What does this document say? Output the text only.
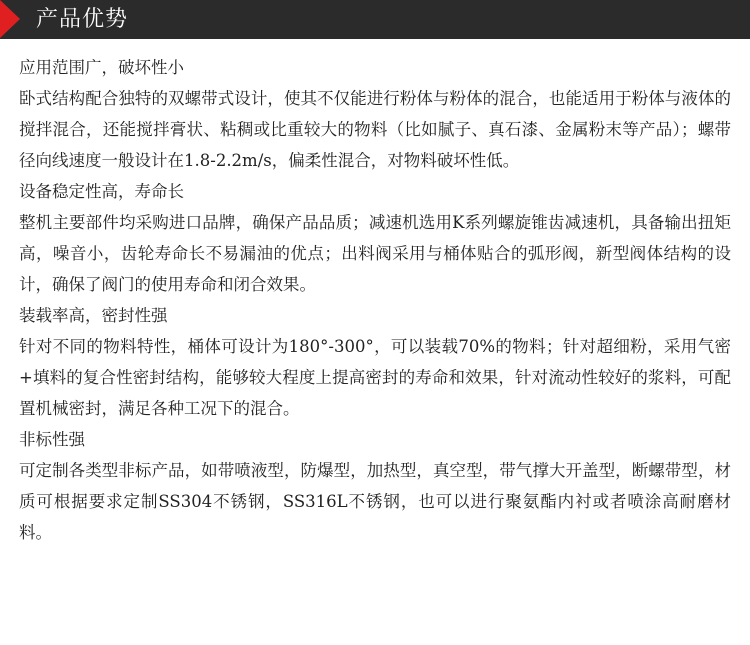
产品优势

应用范围广，破坏性小

卧式结构配合独特的双螺带式设计，使其不仅能进行粉体与粉体的混合，也能适用于粉体与液体的搅拌混合，还能搅拌膏状、粘稠或比重较大的物料（比如腻子、真石漆、金属粉末等产品）；螺带径向线速度一般设计在1.8-2.2m/s，偏柔性混合，对物料破坏性低。

设备稳定性高，寿命长

整机主要部件均采购进口品牌，确保产品品质；减速机选用K系列螺旋锥齿减速机，具备输出扭矩高，噪音小，齿轮寿命长不易漏油的优点；出料阀采用与桶体贴合的弧形阀，新型阀体结构的设计，确保了阀门的使用寿命和闭合效果。

装载率高，密封性强

针对不同的物料特性，桶体可设计为180°-300°，可以装载70%的物料；针对超细粉，采用气密+填料的复合性密封结构，能够较大程度上提高密封的寿命和效果，针对流动性较好的浆料，可配置机械密封，满足各种工况下的混合。

非标性强

可定制各类型非标产品，如带喷液型，防爆型，加热型，真空型，带气撑大开盖型，断螺带型，材质可根据要求定制SS304不锈钢，SS316L不锈钢，也可以进行聚氨酯内衬或者喷涂高耐磨材料。
